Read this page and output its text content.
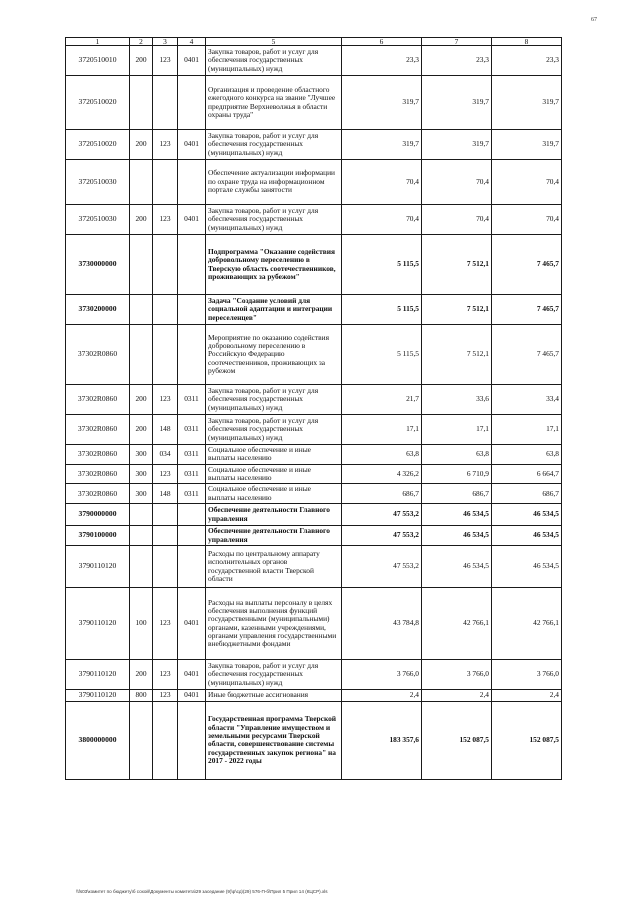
67
1	2	3	4	5	6	7	8
3720510010	200	123	0401	Закупка товаров, работ и услуг для обеспечения государственных (муниципальных) нужд	23,3	23,3	23,3
3720510020				Организация и проведение областного ежегодного конкурса на звание "Лучшее предприятие Верхневолжья в области охраны труда"	319,7	319,7	319,7
3720510020	200	123	0401	Закупка товаров, работ и услуг для обеспечения государственных (муниципальных) нужд	319,7	319,7	319,7
3720510030				Обеспечение актуализации информации по охране труда на информационном портале службы занятости	70,4	70,4	70,4
3720510030	200	123	0401	Закупка товаров, работ и услуг для обеспечения государственных (муниципальных) нужд	70,4	70,4	70,4
3730000000				Подпрограмма "Оказание содействия добровольному переселению в Тверскую область соотечественников, проживающих за рубежом"	5 115,5	7 512,1	7 465,7
3730200000				Задача "Создание условий для социальной адаптации и интеграции переселенцев"	5 115,5	7 512,1	7 465,7
37302R0860				Мероприятие по оказанию содействия добровольному переселению в Российскую Федерацию соотечественников, проживающих за рубежом	5 115,5	7 512,1	7 465,7
37302R0860	200	123	0311	Закупка товаров, работ и услуг для обеспечения государственных (муниципальных) нужд	21,7	33,6	33,4
37302R0860	200	148	0311	Закупка товаров, работ и услуг для обеспечения государственных (муниципальных) нужд	17,1	17,1	17,1
37302R0860	300	034	0311	Социальное обеспечение и иные выплаты населению	63,8	63,8	63,8
37302R0860	300	123	0311	Социальное обеспечение и иные выплаты населению	4 326,2	6 710,9	6 664,7
37302R0860	300	148	0311	Социальное обеспечение и иные выплаты населению	686,7	686,7	686,7
3790000000				Обеспечение деятельности Главного управления	47 553,2	46 534,5	46 534,5
3790100000				Обеспечение деятельности Главного управления	47 553,2	46 534,5	46 534,5
3790110120				Расходы по центральному аппарату исполнительных органов государственной власти Тверской области	47 553,2	46 534,5	46 534,5
3790110120	100	123	0401	Расходы на выплаты персоналу в целях обеспечения выполнения функций государственными (муниципальными) органами, казенными учреждениями, органами управления государственными внебюджетными фондами	43 784,8	42 766,1	42 766,1
3790110120	200	123	0401	Закупка товаров, работ и услуг для обеспечения государственных (муниципальных) нужд	3 766,0	3 766,0	3 766,0
3790110120	800	123	0401	Иные бюджетные ассигнования	2,4	2,4	2,4
3800000000				Государственная программа Тверской области "Управление имуществом и земельными ресурсами Тверской области, совершенствование системы государственных закупок региона" на 2017 - 2022 годы	183 357,6	152 087,5	152 087,5
\\fs03\комитет по бюджету\б сохой\Документы комитета\29 заседание (9)\р\сд\(29) 576-П-б\Прил 5 Прил 14 (КЦСР).xls
